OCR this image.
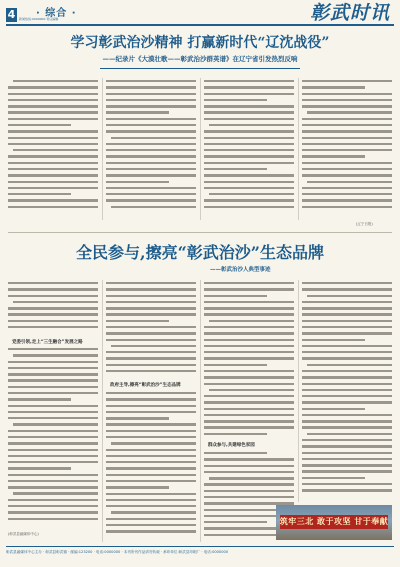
4 · 综合 ·
新闻热线:0000000 责任编辑	彰武时讯
学习彰武治沙精神 打赢新时代“辽沈战役”
——纪录片《大漠壮歌——彰武治沙群英谱》在辽宁省引发热烈反响
(辽宁日报)
全民参与,擦亮“彰武治沙”生态品牌
——彰武治沙人典型事迹
党委引领,走上“三生融合”发展之路
政府主导,擦亮“彰武治沙”生态品牌
群众参与,共建绿色家园
筑牢三北 敢于攻坚 甘于奉献
(彰武县融媒体中心)
彰武县融媒体中心主办 · 彰武县彰武镇 · 邮编:123200 · 电话:0000000 · 本刊所刊作品请勿转载 · 承印单位:彰武县印刷厂 · 电话:0000000
